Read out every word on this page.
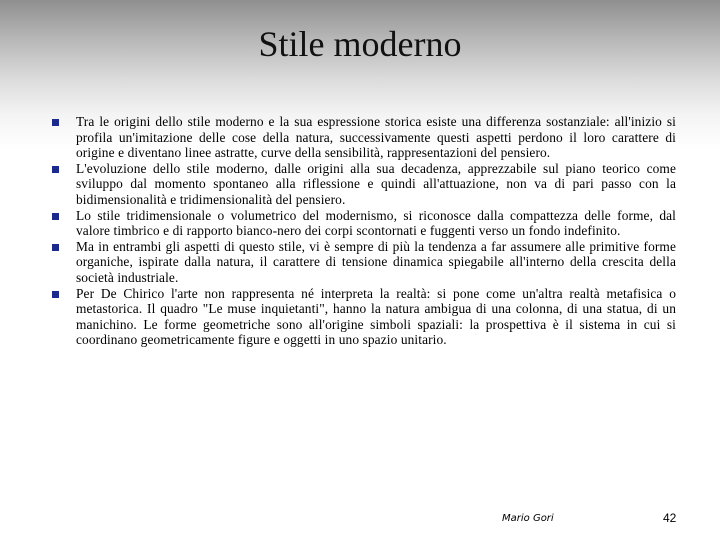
Stile moderno
Tra le origini dello stile moderno e la sua espressione storica esiste una differenza sostanziale: all'inizio si profila un'imitazione delle cose della natura, successivamente questi aspetti perdono il loro carattere di origine e diventano linee astratte, curve della sensibilità, rappresentazioni del pensiero.
L'evoluzione dello stile moderno, dalle origini alla sua decadenza, apprezzabile sul piano teorico come sviluppo dal momento spontaneo alla riflessione e quindi all'attuazione, non va di pari passo con la bidimensionalità e tridimensionalità del pensiero.
Lo stile tridimensionale o volumetrico del modernismo, si riconosce dalla compattezza delle forme, dal valore timbrico e di rapporto bianco-nero dei corpi scontornati e fuggenti verso un fondo indefinito.
Ma in entrambi gli aspetti di questo stile, vi è sempre di più la tendenza a far assumere alle primitive forme organiche, ispirate dalla natura, il carattere di tensione dinamica spiegabile all'interno della crescita della società industriale.
Per De Chirico l'arte non rappresenta né interpreta la realtà: si pone come un'altra realtà metafisica o metastorica. Il quadro "Le muse inquietanti", hanno la natura ambigua di una colonna, di una statua, di un manichino. Le forme geometriche sono all'origine simboli spaziali: la prospettiva è il sistema in cui si coordinano geometricamente figure e oggetti in uno spazio unitario.
Mario Gori	42
